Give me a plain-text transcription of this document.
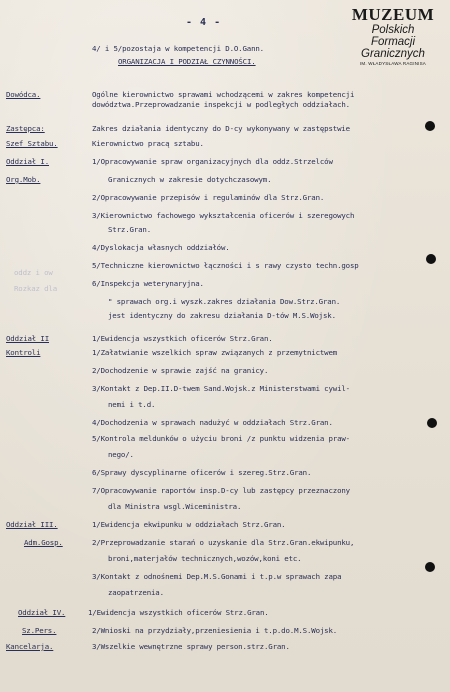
- 4 -	MUZEUM
Polskich
Formacji
Granicznych
IM. WŁADYSŁAWA RAGINISA
4/ i 5/pozostaja w kompetencji D.O.Gann.
ORGANIZACJA I PODZIAŁ CZYNNOŚCI.
Dowódca.	Ogólne kierownictwo sprawami wchodzącemi w zakres kompetencji
dowództwa.Przeprowadzanie inspekcji w podległych oddziałach.
Zastępca:	Zakres działania identyczny do D-cy wykonywany w zastępstwie
Szef Sztabu.	Kierownictwo pracą sztabu.
Oddział I.	1/Opracowywanie spraw organizacyjnych dla oddz.Strzelców
Org.Mob.	Granicznych w zakresie dotychczasowym.
2/Opracowywanie przepisów i regulaminów dla Strz.Gran.
3/Kierownictwo fachowego wykształcenia oficerów i szeregowych
Strz.Gran.
4/Dyslokacja własnych oddziałów.
5/Techniczne kierownictwo łączności i s rawy czysto techn.gosp
6/Inspekcja weterynaryjna.
" sprawach org.i wyszk.zakres działania Dow.Strz.Gran.
jest identyczny do zakresu działania D-tów M.S.Wojsk.
oddz i ow
Rozkaz dla
Oddział II	1/Ewidencja wszystkich oficerów Strz.Gran.
Kontroli	1/Załatwianie wszelkich spraw związanych z przemytnictwem
2/Dochodzenie w sprawie zajść na granicy.
3/Kontakt z Dep.II.D-twem Sand.Wojsk.z Ministerstwami cywil-
nemi i t.d.
4/Dochodzenia w sprawach nadużyć w oddziałach Strz.Gran.
5/Kontrola meldunków o użyciu broni /z punktu widzenia praw-
nego/.
6/Sprawy dyscyplinarne oficerów i szereg.Strz.Gran.
7/Opracowywanie raportów insp.D-cy lub zastępcy przeznaczony
dla Ministra wsgl.Wiceministra.
Oddział III.	1/Ewidencja ekwipunku w oddziałach Strz.Gran.
Adm.Gosp.	2/Przeprowadzanie starań o uzyskanie dla Strz.Gran.ekwipunku,
broni,materjałów technicznych,wozów,koni etc.
3/Kontakt z odnośnemi Dep.M.S.Gonami i t.p.w sprawach zapa
zaopatrzenia.
Oddział IV.	1/Ewidencja wszystkich oficerów Strz.Gran.
Sz.Pers.	2/Wnioski na przydziały,przeniesienia i t.p.do.M.S.Wojsk.
Kancelarja.	3/Wszelkie wewnętrzne sprawy person.strz.Gran.
